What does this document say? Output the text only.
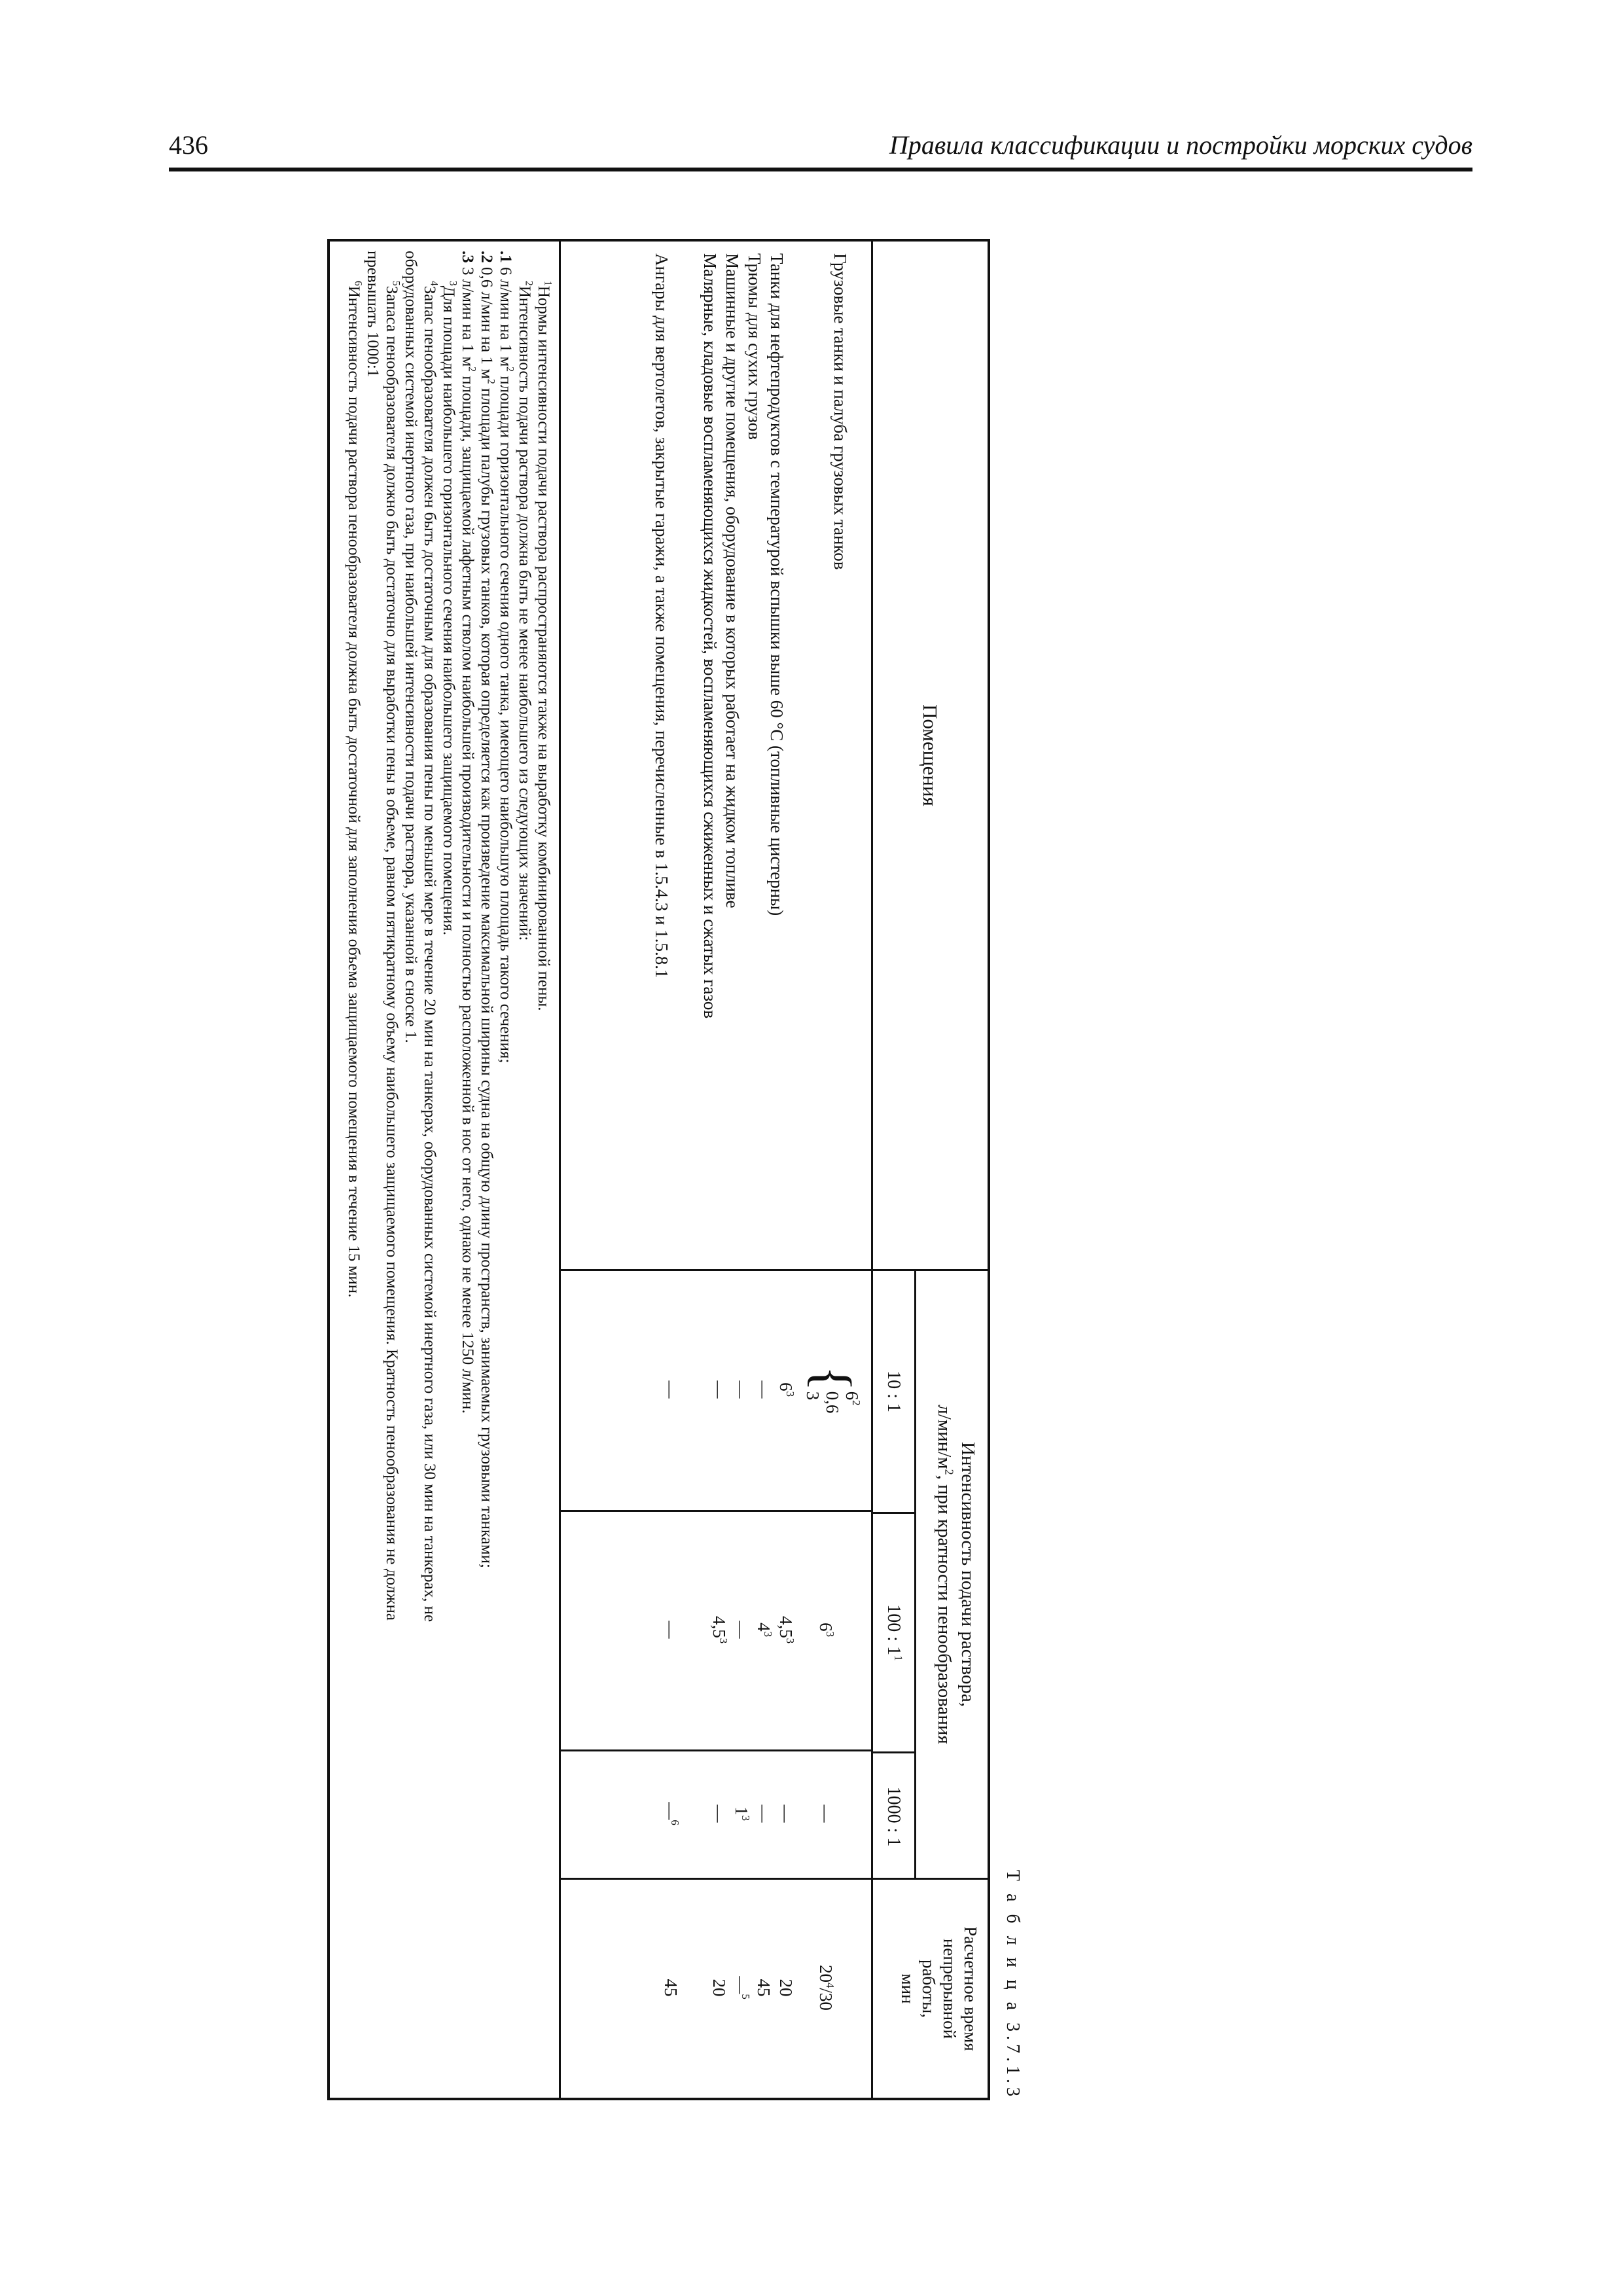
436	Правила классификации и постройки морских судов
Т а б л и ц а 3.7.1.3
Помещения
Интенсивность подачи раствора,
$л/мин/м^2$, при кратности пенообразования
10 : 1
100 : $1^1$
1000 : 1
Расчетное время
непрерывной
работы,
мин
Грузовые танки и палуба грузовых танков
{
$6^2$
0,6
3
$6^3$
—
$20^4/30$
Танки для нефтепродуктов с температурой вспышки выше 60 °C (топливные цистерны)
$6^3$
$4,5^3$
—
20
Трюмы для сухих грузов
—
$4^3$
—
45
Машинные и другие помещения, оборудование в которых работает на жидком топливе
—
—
$1^3$
—$^5$
Малярные, кладовые воспламеняющихся жидкостей, воспламеняющихся сжиженных и сжатых газов
—
$4,5^3$
—
20
Ангары для вертолетов, закрытые гаражи, а также помещения, перечисленные в 1.5.4.3 и 1.5.8.1
—
—
—$^6$
45
$^1$Нормы интенсивности подачи раствора распространяются также на выработку комбинированной пены.
$^2$Интенсивность подачи раствора должна быть не менее наибольшего из следующих значений:
.1 6 л/мин на 1 $м^2$ площади горизонтального сечения одного танка, имеющего наибольшую площадь такого сечения;
.2 0,6 л/мин на 1 $м^2$ площади палубы грузовых танков, которая определяется как произведение максимальной ширины судна на общую длину пространств, занимаемых грузовыми танками;
.3 3 л/мин на 1 $м^2$ площади, защищаемой лафетным стволом наибольшей производительности и полностью расположенной в нос от него, однако не менее 1250 л/мин.
$^3$Для площади наибольшего горизонтального сечения наибольшего защищаемого помещения.
$^4$Запас пенообразователя должен быть достаточным для образования пены по меньшей мере в течение 20 мин на танкерах, оборудованных системой инертного газа, или 30 мин на танкерах, не
оборудованных системой инертного газа, при наибольшей интенсивности подачи раствора, указанной в сноске 1.
$^5$Запаса пенообразователя должно быть достаточно для выработки пены в объеме, равном пятикратному объему наибольшего защищаемого помещения. Кратность пенообразования не должна
превышать 1000:1
$^6$Интенсивность подачи раствора пенообразователя должна быть достаточной для заполнения объема защищаемого помещения в течение 15 мин.
